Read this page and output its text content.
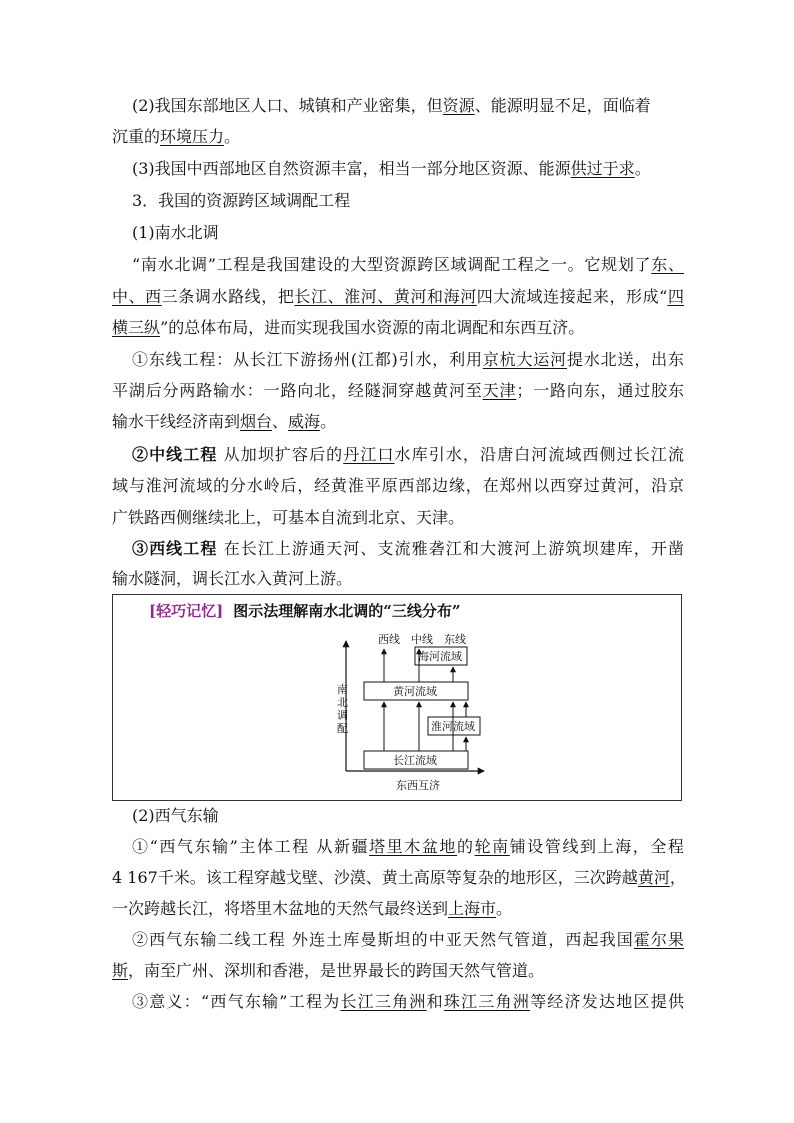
(2)我国东部地区人口、城镇和产业密集，但资源、能源明显不足，面临着
沉重的环境压力。
(3)我国中西部地区自然资源丰富，相当一部分地区资源、能源供过于求。
3．我国的资源跨区域调配工程
(1)南水北调
“南水北调”工程是我国建设的大型资源跨区域调配工程之一。它规划了东、
中、西三条调水路线，把长江、淮河、黄河和海河四大流域连接起来，形成“四
横三纵”的总体布局，进而实现我国水资源的南北调配和东西互济。
①东线工程：从长江下游扬州(江都)引水，利用京杭大运河提水北送，出东
平湖后分两路输水：一路向北，经隧洞穿越黄河至天津；一路向东，通过胶东
输水干线经济南到烟台、威海。
②中线工程 从加坝扩容后的丹江口水库引水，沿唐白河流域西侧过长江流
域与淮河流域的分水岭后，经黄淮平原西部边缘，在郑州以西穿过黄河，沿京
广铁路西侧继续北上，可基本自流到北京、天津。
③西线工程 在长江上游通天河、支流雅砻江和大渡河上游筑坝建库，开凿
输水隧洞，调长江水入黄河上游。
(2)西气东输
①“西气东输”主体工程 从新疆塔里木盆地的轮南铺设管线到上海，全程
4 167千米。该工程穿越戈壁、沙漠、黄土高原等复杂的地形区，三次跨越黄河，
一次跨越长江，将塔里木盆地的天然气最终送到上海市。
②西气东输二线工程 外连土库曼斯坦的中亚天然气管道，西起我国霍尔果
斯，南至广州、深圳和香港，是世界最长的跨国天然气管道。
③意义：“西气东输”工程为长江三角洲和珠江三角洲等经济发达地区提供
[轻巧记忆] 图示法理解南水北调的“三线分布”
南 北 调 配
东西互济
西线 中线 东线
海河流域
黄河流域
淮河流域
长江流域
